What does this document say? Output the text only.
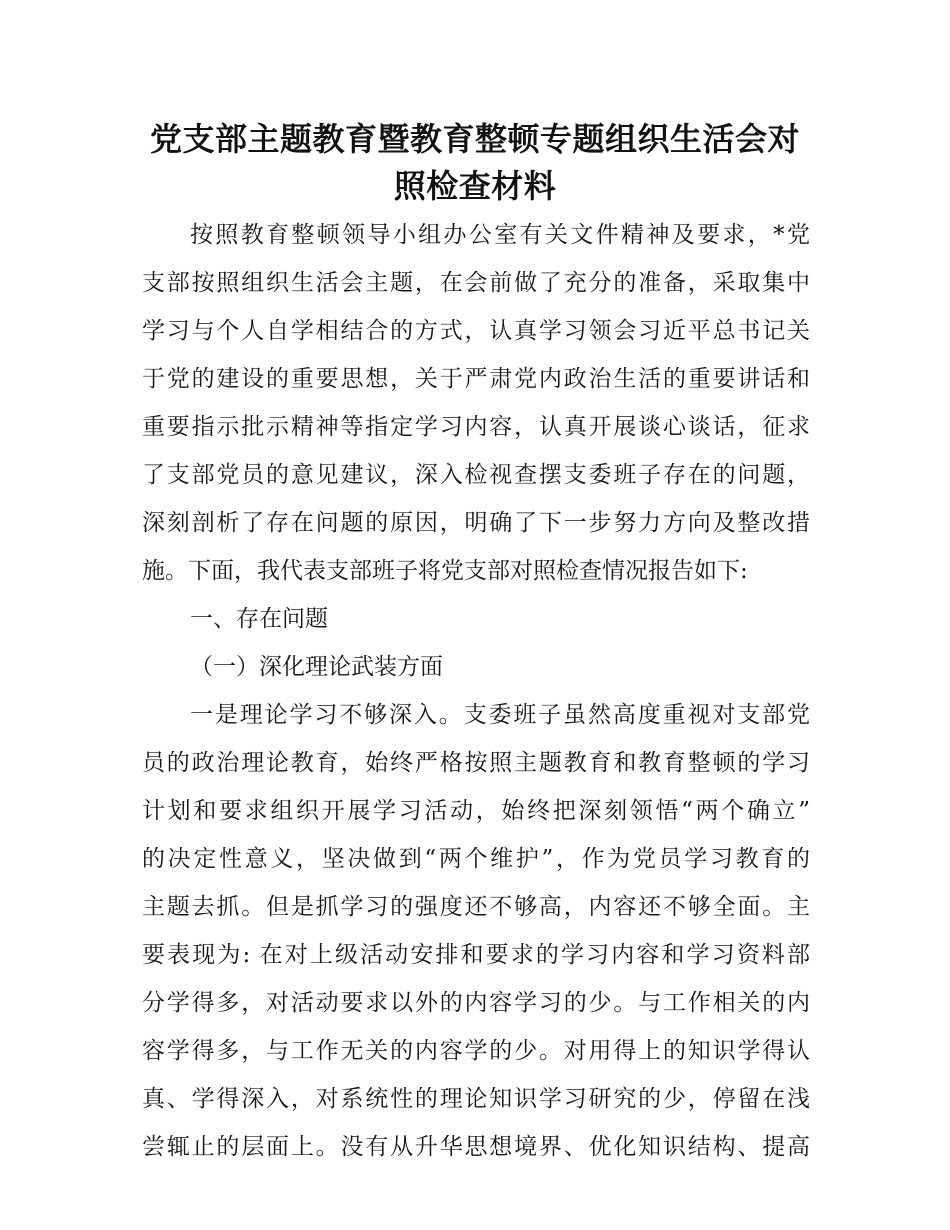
党支部主题教育暨教育整顿专题组织生活会对
照检查材料
按照教育整顿领导小组办公室有关文件精神及要求，*党
支部按照组织生活会主题，在会前做了充分的准备，采取集中
学习与个人自学相结合的方式，认真学习领会习近平总书记关
于党的建设的重要思想，关于严肃党内政治生活的重要讲话和
重要指示批示精神等指定学习内容，认真开展谈心谈话，征求
了支部党员的意见建议，深入检视查摆支委班子存在的问题，
深刻剖析了存在问题的原因，明确了下一步努力方向及整改措
施。下面，我代表支部班子将党支部对照检查情况报告如下:
一、存在问题
（一）深化理论武装方面
一是理论学习不够深入。支委班子虽然高度重视对支部党
员的政治理论教育，始终严格按照主题教育和教育整顿的学习
计划和要求组织开展学习活动，始终把深刻领悟“两个确立”
的决定性意义，坚决做到“两个维护”，作为党员学习教育的
主题去抓。但是抓学习的强度还不够高，内容还不够全面。主
要表现为: 在对上级活动安排和要求的学习内容和学习资料部
分学得多，对活动要求以外的内容学习的少。与工作相关的内
容学得多，与工作无关的内容学的少。对用得上的知识学得认
真、学得深入，对系统性的理论知识学习研究的少，停留在浅
尝辄止的层面上。没有从升华思想境界、优化知识结构、提高
